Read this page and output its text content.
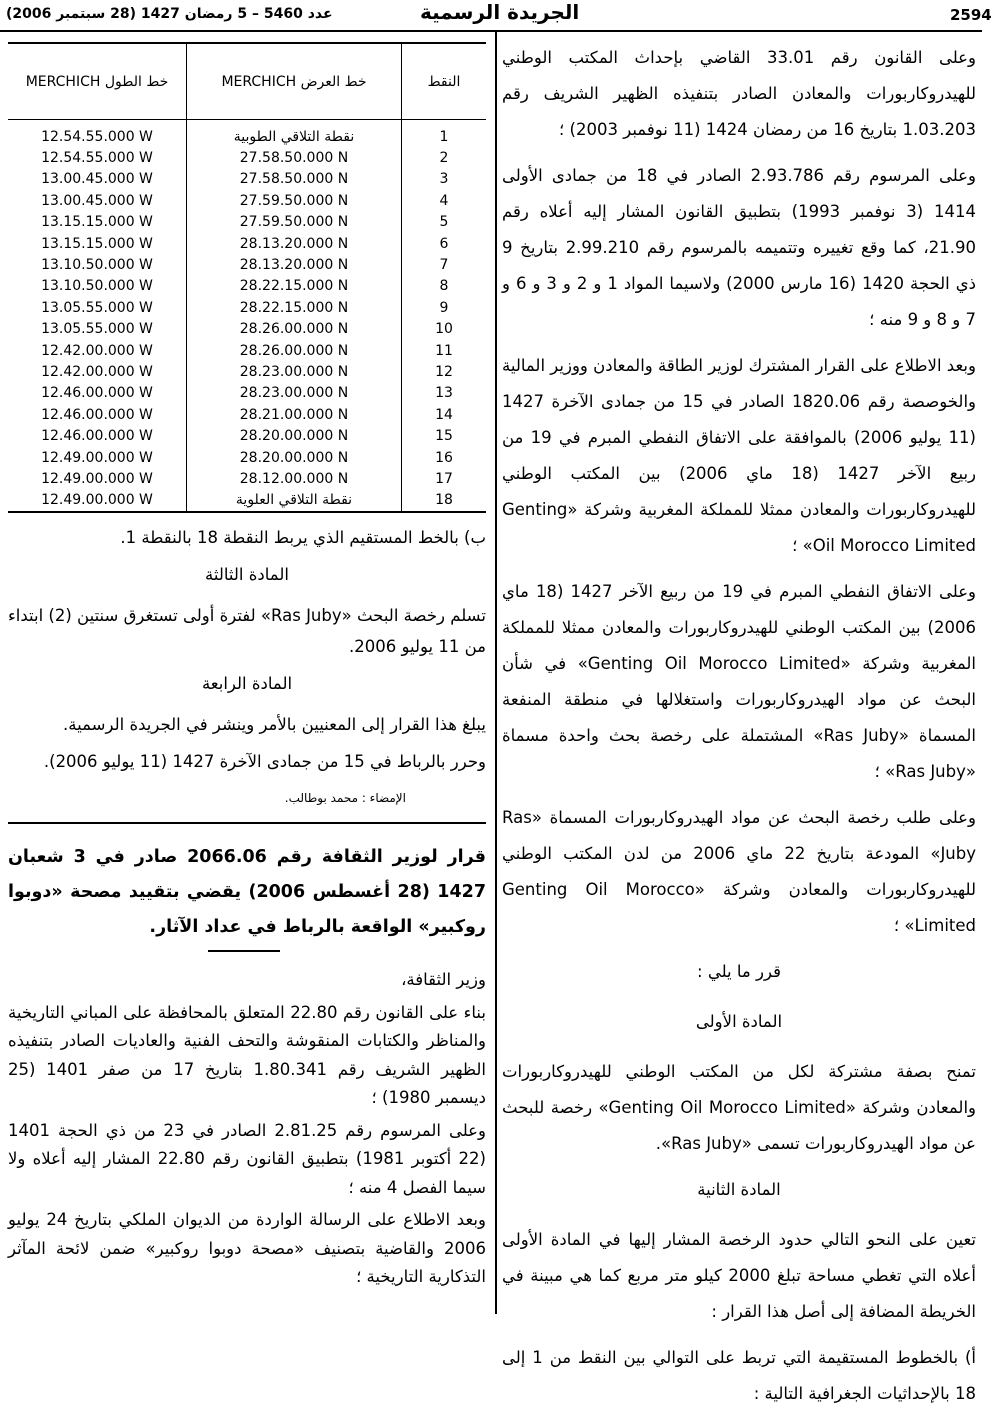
2594
الجريدة الرسمية
عدد 5460 – 5 رمضان 1427 (28 سبتمبر 2006)

وعلى القانون رقم 33.01 القاضي بإحداث المكتب الوطني للهيدروكاربورات والمعادن الصادر بتنفيذه الظهير الشريف رقم 1.03.203 بتاريخ 16 من رمضان 1424 (11 نوفمبر 2003) ؛

وعلى المرسوم رقم 2.93.786 الصادر في 18 من جمادى الأولى 1414 (3 نوفمبر 1993) بتطبيق القانون المشار إليه أعلاه رقم 21.90، كما وقع تغييره وتتميمه بالمرسوم رقم 2.99.210 بتاريخ 9 ذي الحجة 1420 (16 مارس 2000) ولاسيما المواد 1 و 2 و 3 و 6 و 7 و 8 و 9 منه ؛

وبعد الاطلاع على القرار المشترك لوزير الطاقة والمعادن ووزير المالية والخوصصة رقم 1820.06 الصادر في 15 من جمادى الآخرة 1427 (11 يوليو 2006) بالموافقة على الاتفاق النفطي المبرم في 19 من ربيع الآخر 1427 (18 ماي 2006) بين المكتب الوطني للهيدروكاربورات والمعادن ممثلا للمملكة المغربية وشركة «Genting Oil Morocco Limited» ؛

وعلى الاتفاق النفطي المبرم في 19 من ربيع الآخر 1427 (18 ماي 2006) بين المكتب الوطني للهيدروكاربورات والمعادن ممثلا للمملكة المغربية وشركة «Genting Oil Morocco Limited» في شأن البحث عن مواد الهيدروكاربورات واستغلالها في منطقة المنفعة المسماة «Ras Juby» المشتملة على رخصة بحث واحدة مسماة «Ras Juby» ؛

وعلى طلب رخصة البحث عن مواد الهيدروكاربورات المسماة «Ras Juby» المودعة بتاريخ 22 ماي 2006 من لدن المكتب الوطني للهيدروكاربورات والمعادن وشركة «Genting Oil Morocco Limited» ؛

قرر ما يلي :

المادة الأولى

تمنح بصفة مشتركة لكل من المكتب الوطني للهيدروكاربورات والمعادن وشركة «Genting Oil Morocco Limited» رخصة للبحث عن مواد الهيدروكاربورات تسمى «Ras Juby».

المادة الثانية

تعين على النحو التالي حدود الرخصة المشار إليها في المادة الأولى أعلاه التي تغطي مساحة تبلغ 2000 كيلو متر مربع كما هي مبينة في الخريطة المضافة إلى أصل هذا القرار :

أ) بالخطوط المستقيمة التي تربط على التوالي بين النقط من 1 إلى 18 بالإحداثيات الجغرافية التالية :

النقط	خط العرض MERCHICH	خط الطول MERCHICH
1	نقطة التلاقي الطوبية	12.54.55.000 W
2	27.58.50.000 N	12.54.55.000 W
3	27.58.50.000 N	13.00.45.000 W
4	27.59.50.000 N	13.00.45.000 W
5	27.59.50.000 N	13.15.15.000 W
6	28.13.20.000 N	13.15.15.000 W
7	28.13.20.000 N	13.10.50.000 W
8	28.22.15.000 N	13.10.50.000 W
9	28.22.15.000 N	13.05.55.000 W
10	28.26.00.000 N	13.05.55.000 W
11	28.26.00.000 N	12.42.00.000 W
12	28.23.00.000 N	12.42.00.000 W
13	28.23.00.000 N	12.46.00.000 W
14	28.21.00.000 N	12.46.00.000 W
15	28.20.00.000 N	12.46.00.000 W
16	28.20.00.000 N	12.49.00.000 W
17	28.12.00.000 N	12.49.00.000 W
18	نقطة التلاقي العلوية	12.49.00.000 W

ب) بالخط المستقيم الذي يربط النقطة 18 بالنقطة 1.

المادة الثالثة

تسلم رخصة البحث «Ras Juby» لفترة أولى تستغرق سنتين (2) ابتداء من 11 يوليو 2006.

المادة الرابعة

يبلغ هذا القرار إلى المعنيين بالأمر وينشر في الجريدة الرسمية.

وحرر بالرباط في 15 من جمادى الآخرة 1427 (11 يوليو 2006).

الإمضاء : محمد بوطالب.

قرار لوزير الثقافة رقم 2066.06 صادر في 3 شعبان 1427 (28 أغسطس 2006) يقضي بتقييد مصحة «دوبوا روكبير» الواقعة بالرباط في عداد الآثار.

وزير الثقافة،

بناء على القانون رقم 22.80 المتعلق بالمحافظة على المباني التاريخية والمناظر والكتابات المنقوشة والتحف الفنية والعاديات الصادر بتنفيذه الظهير الشريف رقم 1.80.341 بتاريخ 17 من صفر 1401 (25 ديسمبر 1980) ؛

وعلى المرسوم رقم 2.81.25 الصادر في 23 من ذي الحجة 1401 (22 أكتوبر 1981) بتطبيق القانون رقم 22.80 المشار إليه أعلاه ولا سيما الفصل 4 منه ؛

وبعد الاطلاع على الرسالة الواردة من الديوان الملكي بتاريخ 24 يوليو 2006 والقاضية بتصنيف «مصحة دوبوا روكبير» ضمن لائحة المآثر التذكارية التاريخية ؛
